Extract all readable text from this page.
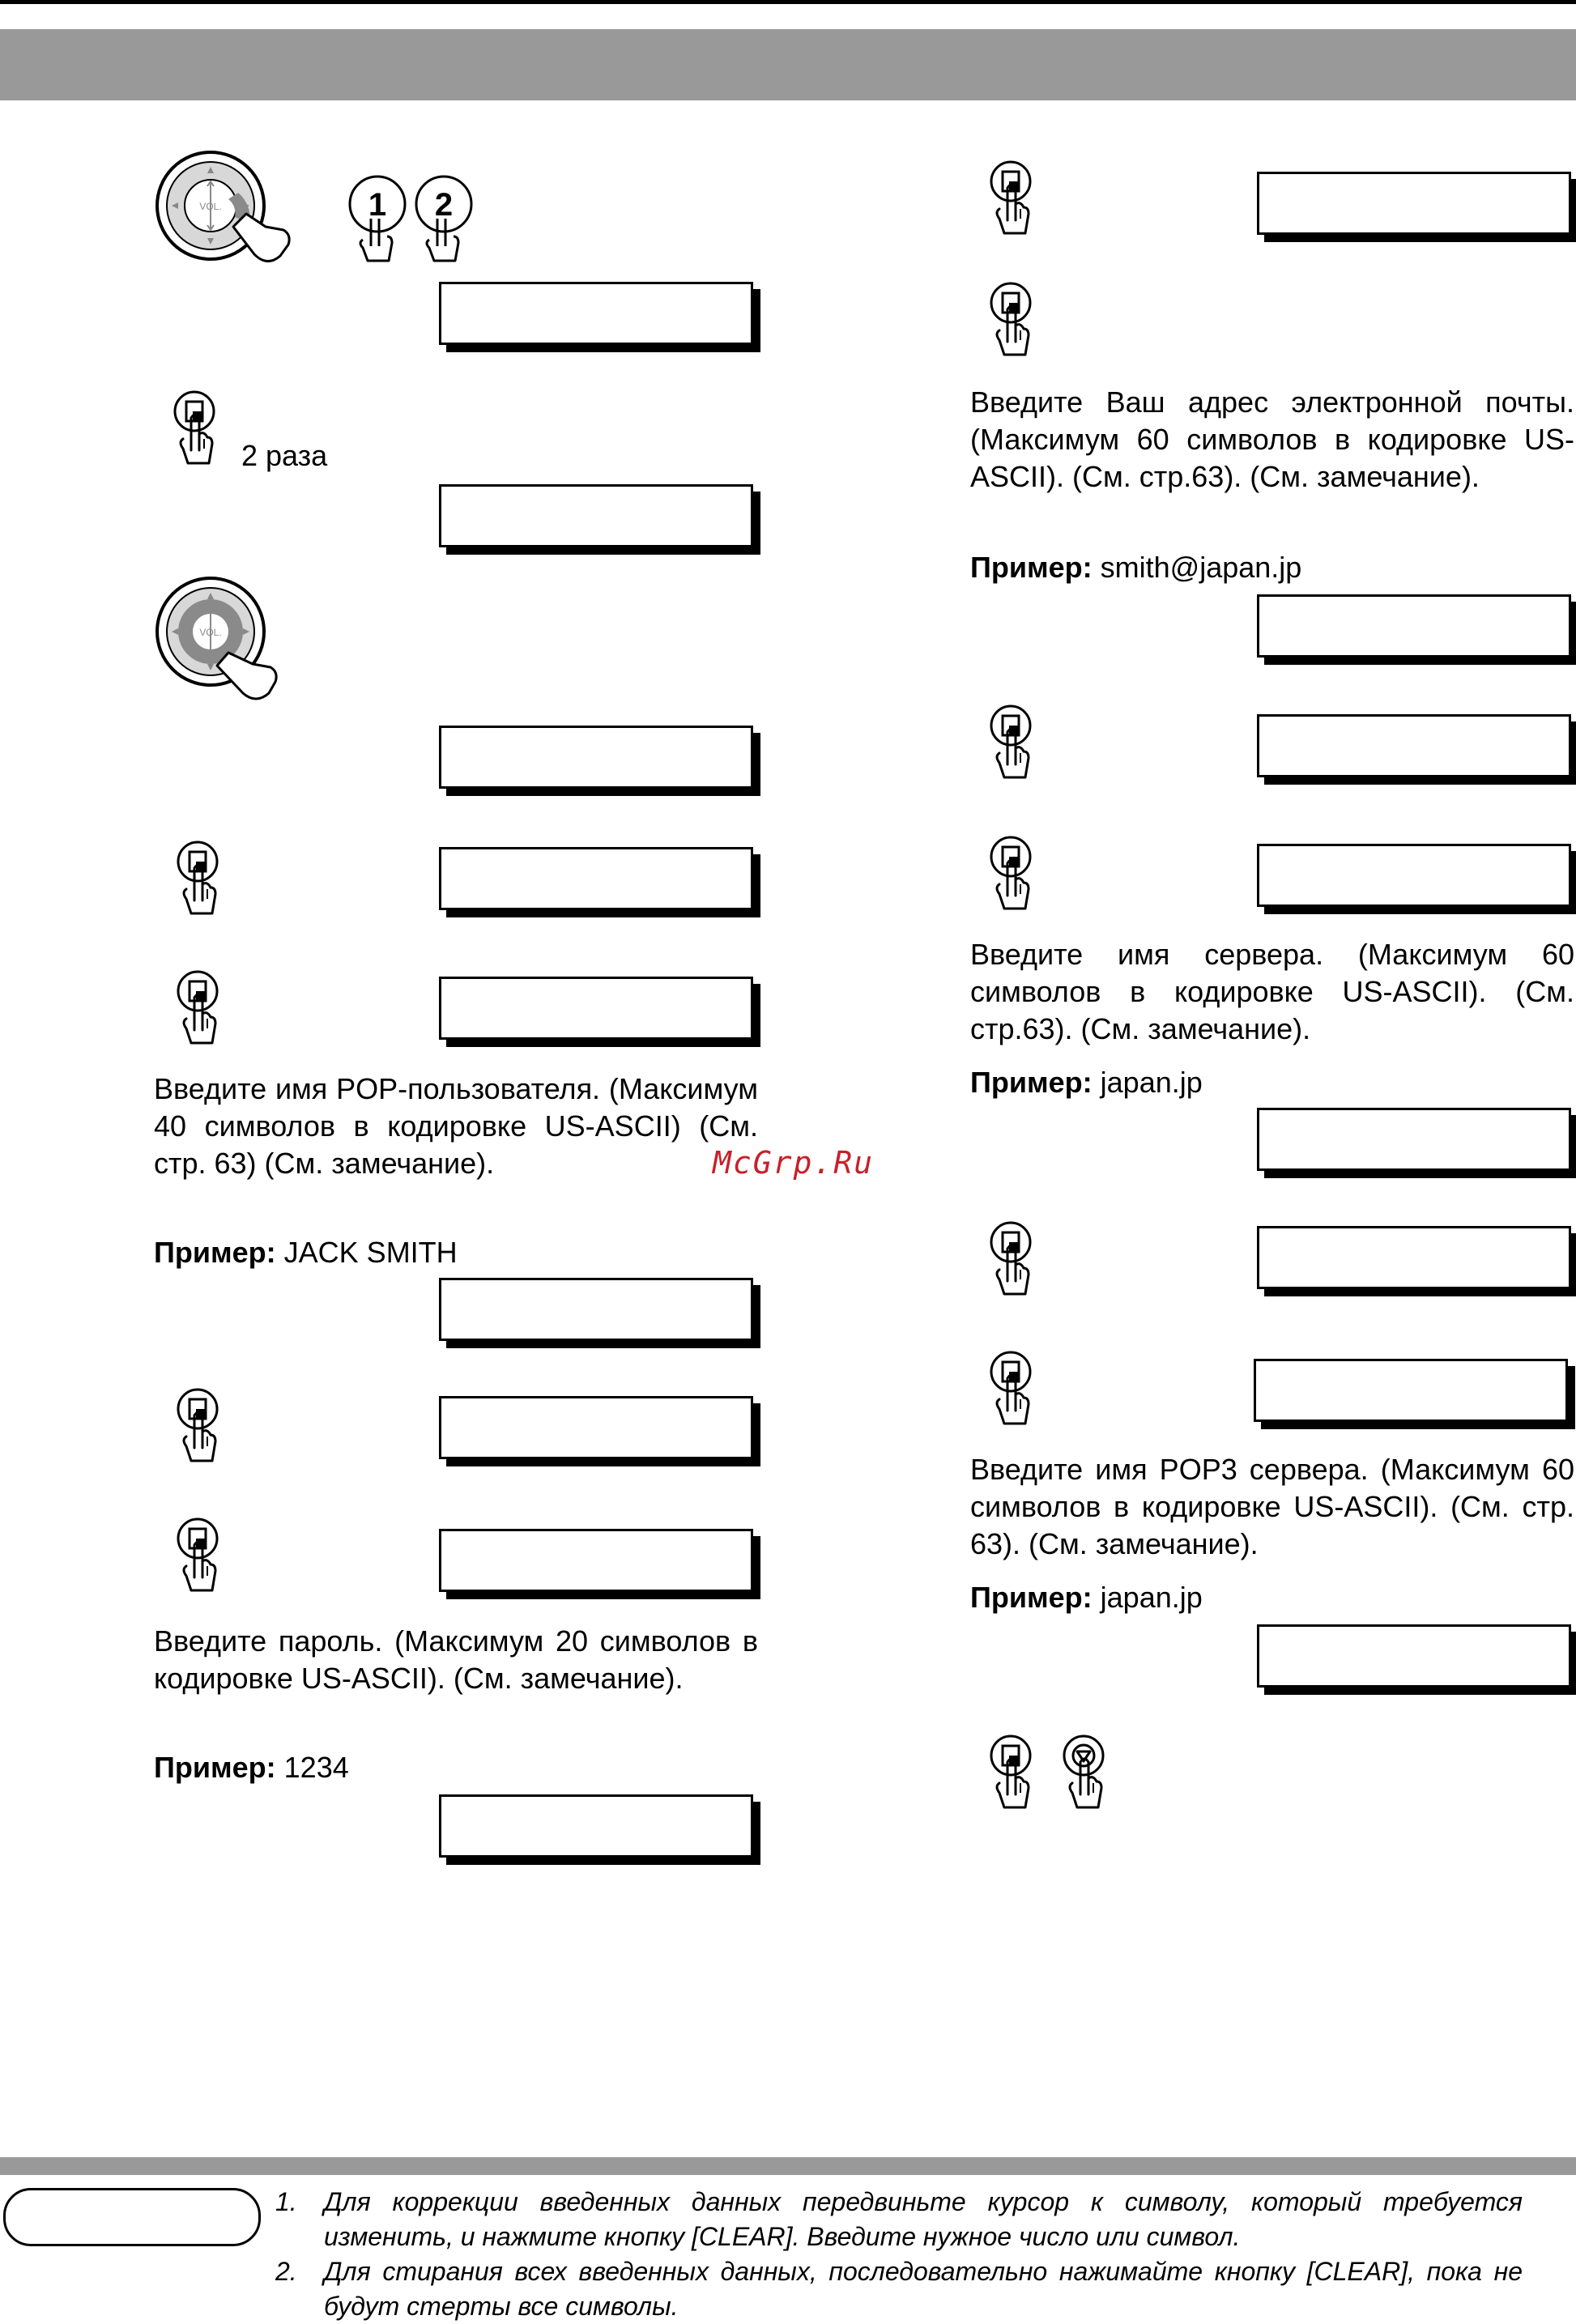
1 2
2 раза
Введите имя POP-пользователя. (Максимум 40 символов в кодировке US-ASCII) (См. стр. 63) (См. замечание).	McGrp.Ru
Пример: JACK SMITH
Введите пароль. (Максимум 20 символов в кодировке US-ASCII). (См. замечание).
Пример: 1234
Введите Ваш адрес электронной почты. (Максимум 60 символов в кодировке US-ASCII). (См. стр.63). (См. замечание).
Пример: smith@japan.jp
Введите имя сервера. (Максимум 60 символов в кодировке US-ASCII). (См. стр.63). (См. замечание).
Пример: japan.jp
Введите имя POP3 сервера. (Максимум 60 символов в кодировке US-ASCII). (См. стр. 63). (См. замечание).
Пример: japan.jp
1.	Для коррекции введенных данных передвиньте курсор к символу, который требуется изменить, и нажмите кнопку [CLEAR]. Введите нужное число или символ.
2.	Для стирания всех введенных данных, последовательно нажимайте кнопку [CLEAR], пока не будут стерты все символы.
